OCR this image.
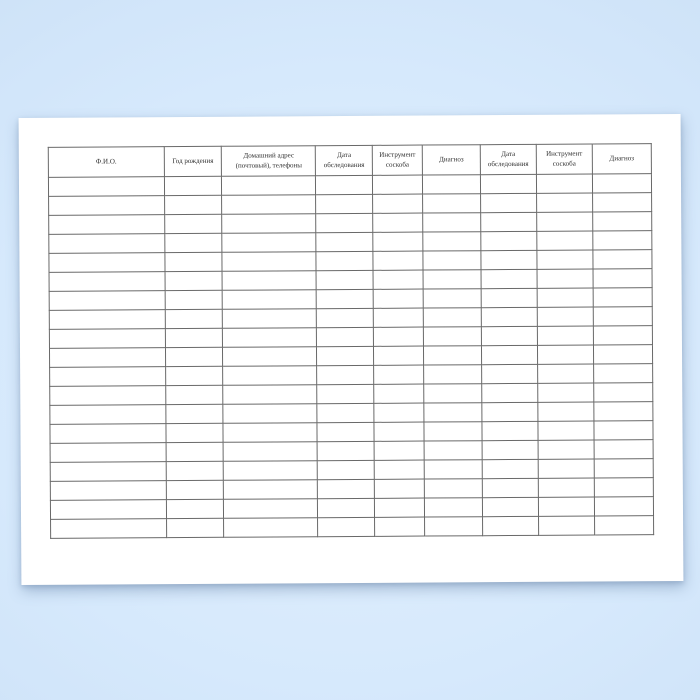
Ф.И.О.	Год рождения	Домашний адрес (почтовый), телефоны	Дата обследования	Инструмент соскоба	Диагноз	Дата обследования	Инструмент соскоба	Диагноз
